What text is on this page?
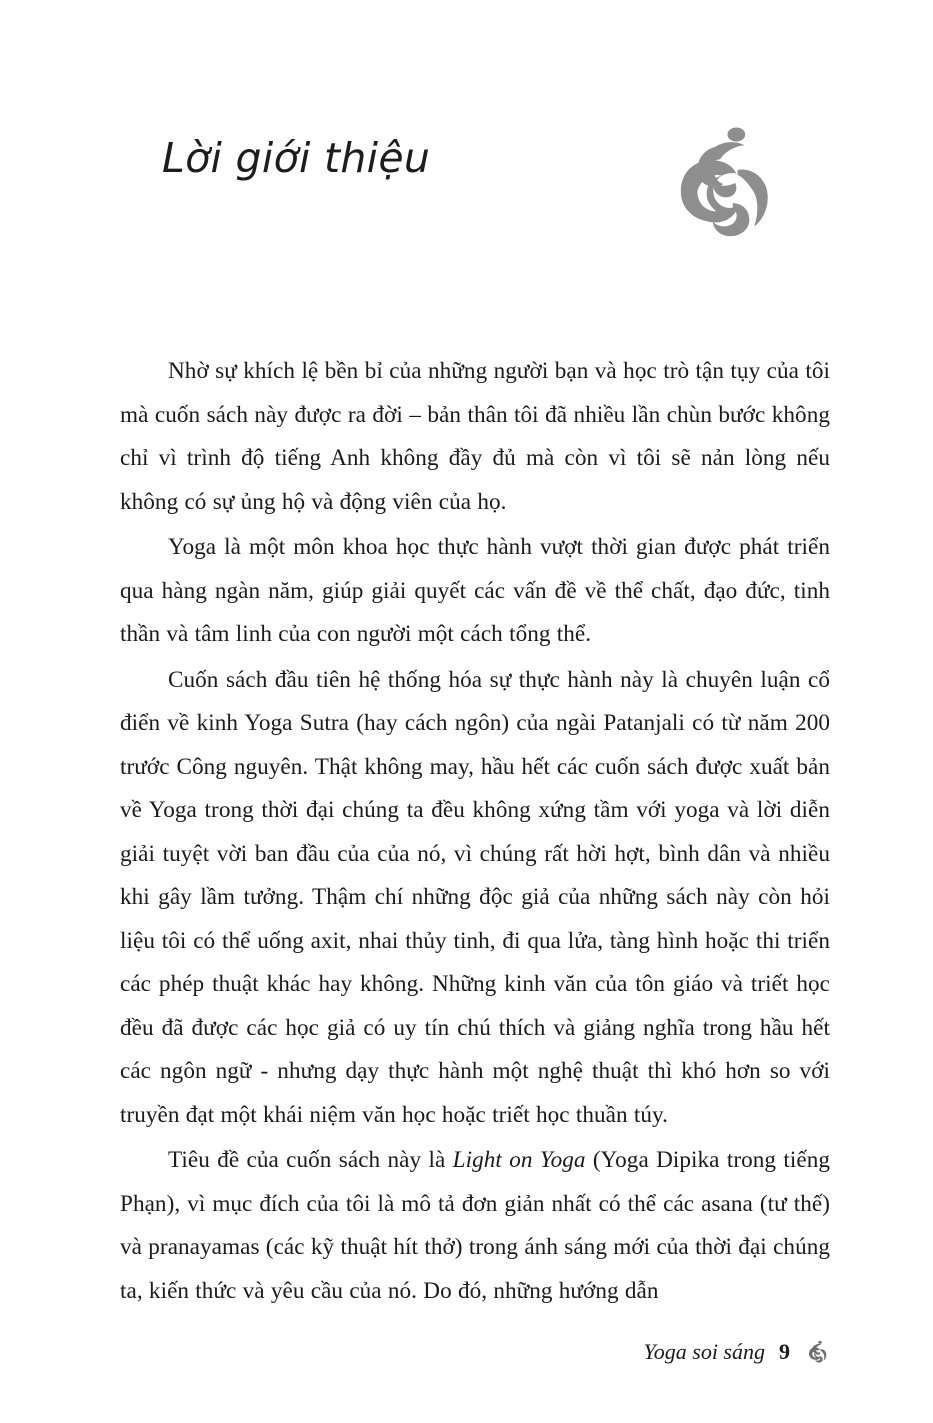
Lời giới thiệu

Nhờ sự khích lệ bền bỉ của những người bạn và học trò tận tụy của tôi mà cuốn sách này được ra đời – bản thân tôi đã nhiều lần chùn bước không chỉ vì trình độ tiếng Anh không đầy đủ mà còn vì tôi sẽ nản lòng nếu không có sự ủng hộ và động viên của họ.

Yoga là một môn khoa học thực hành vượt thời gian được phát triển qua hàng ngàn năm, giúp giải quyết các vấn đề về thể chất, đạo đức, tinh thần và tâm linh của con người một cách tổng thể.

Cuốn sách đầu tiên hệ thống hóa sự thực hành này là chuyên luận cổ điển về kinh Yoga Sutra (hay cách ngôn) của ngài Patanjali có từ năm 200 trước Công nguyên. Thật không may, hầu hết các cuốn sách được xuất bản về Yoga trong thời đại chúng ta đều không xứng tầm với yoga và lời diễn giải tuyệt vời ban đầu của của nó, vì chúng rất hời hợt, bình dân và nhiều khi gây lầm tưởng. Thậm chí những độc giả của những sách này còn hỏi liệu tôi có thể uống axit, nhai thủy tinh, đi qua lửa, tàng hình hoặc thi triển các phép thuật khác hay không. Những kinh văn của tôn giáo và triết học đều đã được các học giả có uy tín chú thích và giảng nghĩa trong hầu hết các ngôn ngữ - nhưng dạy thực hành một nghệ thuật thì khó hơn so với truyền đạt một khái niệm văn học hoặc triết học thuần túy.

Tiêu đề của cuốn sách này là Light on Yoga (Yoga Dipika trong tiếng Phạn), vì mục đích của tôi là mô tả đơn giản nhất có thể các asana (tư thế) và pranayamas (các kỹ thuật hít thở) trong ánh sáng mới của thời đại chúng ta, kiến thức và yêu cầu của nó. Do đó, những hướng dẫn

Yoga soi sáng 9
